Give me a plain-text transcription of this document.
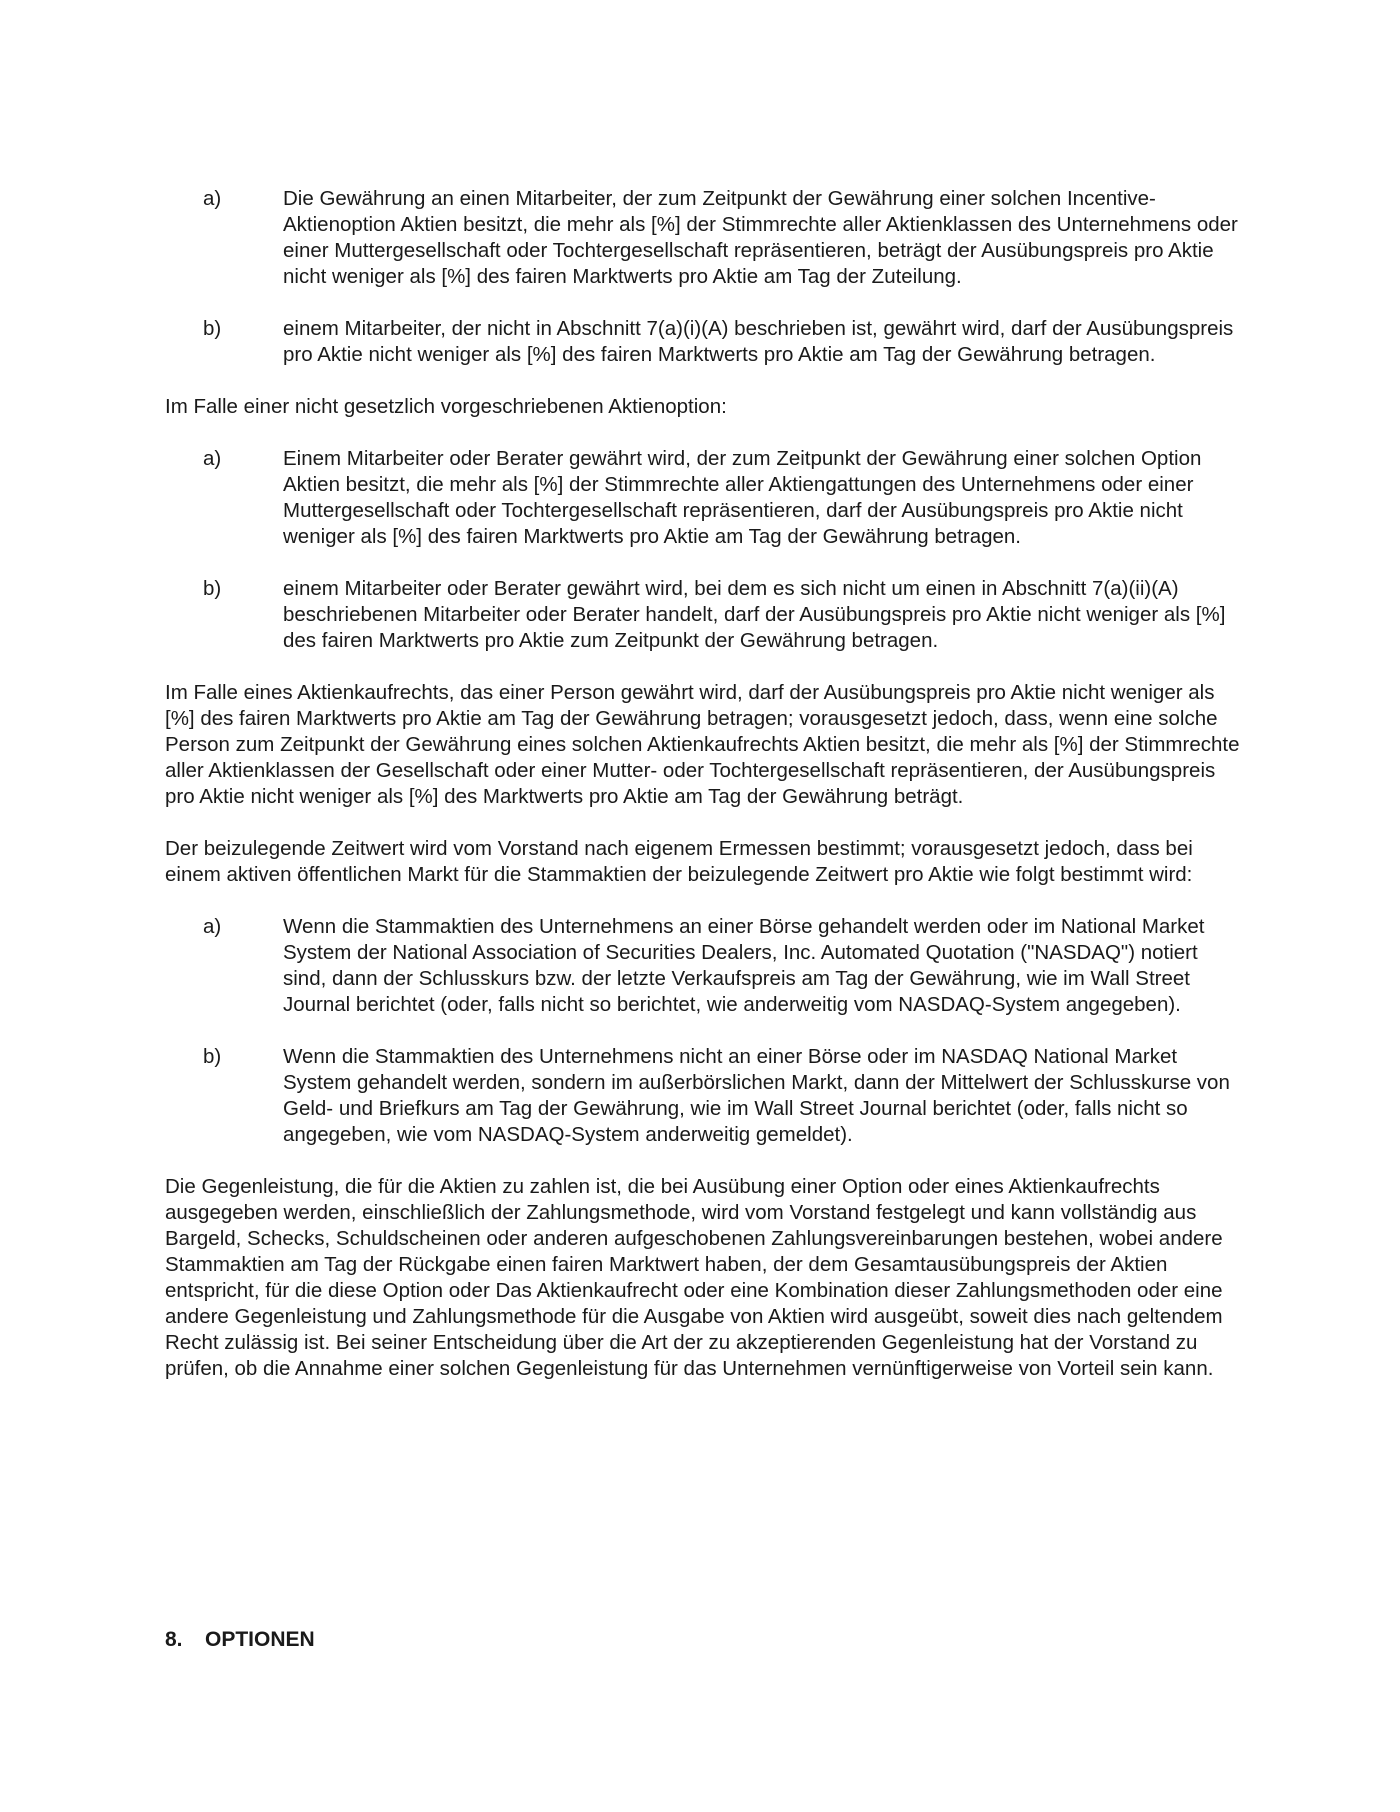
a)	Die Gewährung an einen Mitarbeiter, der zum Zeitpunkt der Gewährung einer solchen Incentive-Aktienoption Aktien besitzt, die mehr als [%] der Stimmrechte aller Aktienklassen des Unternehmens oder einer Muttergesellschaft oder Tochtergesellschaft repräsentieren, beträgt der Ausübungspreis pro Aktie nicht weniger als [%] des fairen Marktwerts pro Aktie am Tag der Zuteilung.
b)	einem Mitarbeiter, der nicht in Abschnitt 7(a)(i)(A) beschrieben ist, gewährt wird, darf der Ausübungspreis pro Aktie nicht weniger als [%] des fairen Marktwerts pro Aktie am Tag der Gewährung betragen.

Im Falle einer nicht gesetzlich vorgeschriebenen Aktienoption:

a)	Einem Mitarbeiter oder Berater gewährt wird, der zum Zeitpunkt der Gewährung einer solchen Option Aktien besitzt, die mehr als [%] der Stimmrechte aller Aktiengattungen des Unternehmens oder einer Muttergesellschaft oder Tochtergesellschaft repräsentieren, darf der Ausübungspreis pro Aktie nicht weniger als [%] des fairen Marktwerts pro Aktie am Tag der Gewährung betragen.
b)	einem Mitarbeiter oder Berater gewährt wird, bei dem es sich nicht um einen in Abschnitt 7(a)(ii)(A) beschriebenen Mitarbeiter oder Berater handelt, darf der Ausübungspreis pro Aktie nicht weniger als [%] des fairen Marktwerts pro Aktie zum Zeitpunkt der Gewährung betragen.

Im Falle eines Aktienkaufrechts, das einer Person gewährt wird, darf der Ausübungspreis pro Aktie nicht weniger als [%] des fairen Marktwerts pro Aktie am Tag der Gewährung betragen; vorausgesetzt jedoch, dass, wenn eine solche Person zum Zeitpunkt der Gewährung eines solchen Aktienkaufrechts Aktien besitzt, die mehr als [%] der Stimmrechte aller Aktienklassen der Gesellschaft oder einer Mutter- oder Tochtergesellschaft repräsentieren, der Ausübungspreis pro Aktie nicht weniger als [%] des Marktwerts pro Aktie am Tag der Gewährung beträgt.

Der beizulegende Zeitwert wird vom Vorstand nach eigenem Ermessen bestimmt; vorausgesetzt jedoch, dass bei einem aktiven öffentlichen Markt für die Stammaktien der beizulegende Zeitwert pro Aktie wie folgt bestimmt wird:

a)	Wenn die Stammaktien des Unternehmens an einer Börse gehandelt werden oder im National Market System der National Association of Securities Dealers, Inc. Automated Quotation ("NASDAQ") notiert sind, dann der Schlusskurs bzw. der letzte Verkaufspreis am Tag der Gewährung, wie im Wall Street Journal berichtet (oder, falls nicht so berichtet, wie anderweitig vom NASDAQ-System angegeben).
b)	Wenn die Stammaktien des Unternehmens nicht an einer Börse oder im NASDAQ National Market System gehandelt werden, sondern im außerbörslichen Markt, dann der Mittelwert der Schlusskurse von Geld- und Briefkurs am Tag der Gewährung, wie im Wall Street Journal berichtet (oder, falls nicht so angegeben, wie vom NASDAQ-System anderweitig gemeldet).

Die Gegenleistung, die für die Aktien zu zahlen ist, die bei Ausübung einer Option oder eines Aktienkaufrechts ausgegeben werden, einschließlich der Zahlungsmethode, wird vom Vorstand festgelegt und kann vollständig aus Bargeld, Schecks, Schuldscheinen oder anderen aufgeschobenen Zahlungsvereinbarungen bestehen, wobei andere Stammaktien am Tag der Rückgabe einen fairen Marktwert haben, der dem Gesamtausübungspreis der Aktien entspricht, für die diese Option oder Das Aktienkaufrecht oder eine Kombination dieser Zahlungsmethoden oder eine andere Gegenleistung und Zahlungsmethode für die Ausgabe von Aktien wird ausgeübt, soweit dies nach geltendem Recht zulässig ist. Bei seiner Entscheidung über die Art der zu akzeptierenden Gegenleistung hat der Vorstand zu prüfen, ob die Annahme einer solchen Gegenleistung für das Unternehmen vernünftigerweise von Vorteil sein kann.

8. OPTIONEN
